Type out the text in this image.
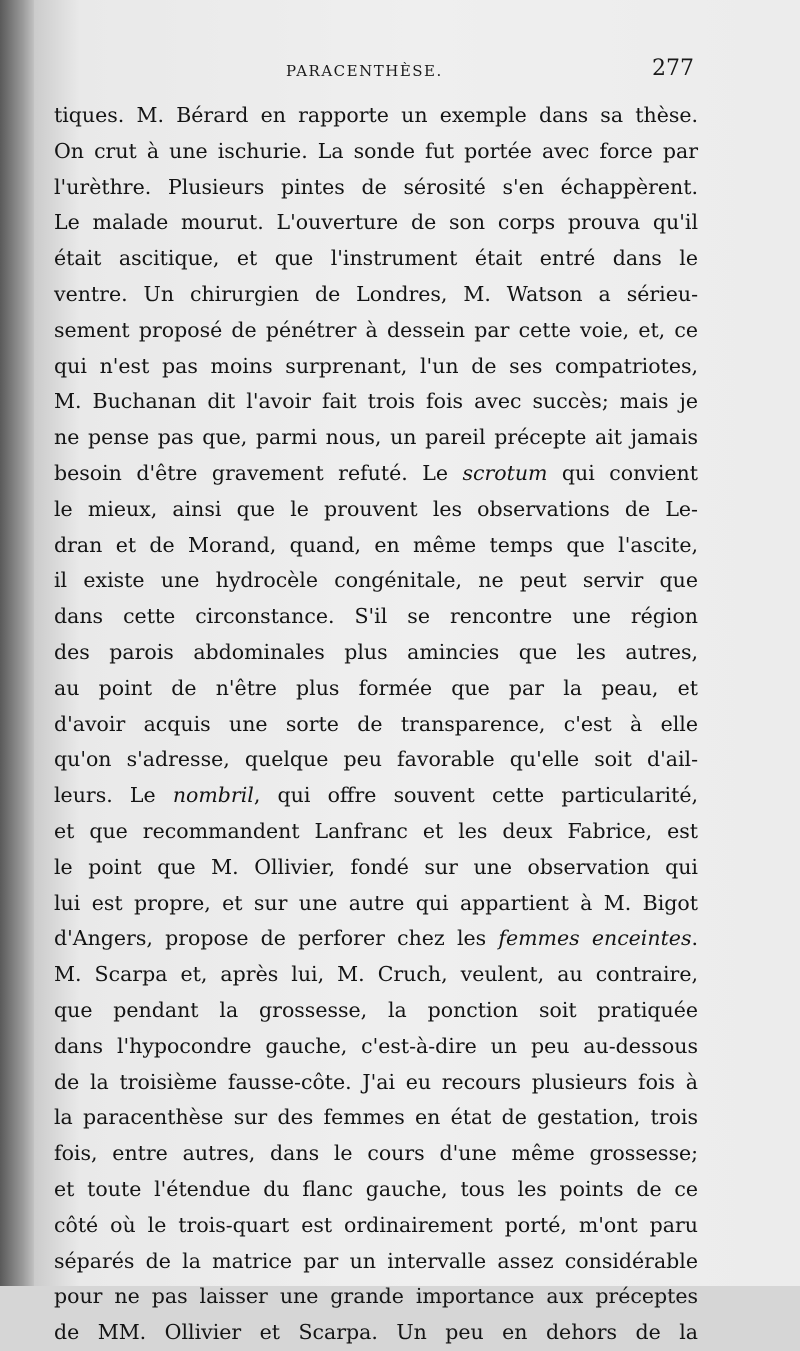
PARACENTHÈSE.	277
tiques. M. Bérard en rapporte un exemple dans sa thèse.
On crut à une ischurie. La sonde fut portée avec force par
l'urèthre. Plusieurs pintes de sérosité s'en échappèrent.
Le malade mourut. L'ouverture de son corps prouva qu'il
était ascitique, et que l'instrument était entré dans le
ventre. Un chirurgien de Londres, M. Watson a sérieu-
sement proposé de pénétrer à dessein par cette voie, et, ce
qui n'est pas moins surprenant, l'un de ses compatriotes,
M. Buchanan dit l'avoir fait trois fois avec succès; mais je
ne pense pas que, parmi nous, un pareil précepte ait jamais
besoin d'être gravement refuté. Le scrotum qui convient
le mieux, ainsi que le prouvent les observations de Le-
dran et de Morand, quand, en même temps que l'ascite,
il existe une hydrocèle congénitale, ne peut servir que
dans cette circonstance. S'il se rencontre une région
des parois abdominales plus amincies que les autres,
au point de n'être plus formée que par la peau, et
d'avoir acquis une sorte de transparence, c'est à elle
qu'on s'adresse, quelque peu favorable qu'elle soit d'ail-
leurs. Le nombril, qui offre souvent cette particularité,
et que recommandent Lanfranc et les deux Fabrice, est
le point que M. Ollivier, fondé sur une observation qui
lui est propre, et sur une autre qui appartient à M. Bigot
d'Angers, propose de perforer chez les femmes enceintes.
M. Scarpa et, après lui, M. Cruch, veulent, au contraire,
que pendant la grossesse, la ponction soit pratiquée
dans l'hypocondre gauche, c'est-à-dire un peu au-dessous
de la troisième fausse-côte. J'ai eu recours plusieurs fois à
la paracenthèse sur des femmes en état de gestation, trois
fois, entre autres, dans le cours d'une même grossesse;
et toute l'étendue du flanc gauche, tous les points de ce
côté où le trois-quart est ordinairement porté, m'ont paru
séparés de la matrice par un intervalle assez considérable
pour ne pas laisser une grande importance aux préceptes
de MM. Ollivier et Scarpa. Un peu en dehors de la
